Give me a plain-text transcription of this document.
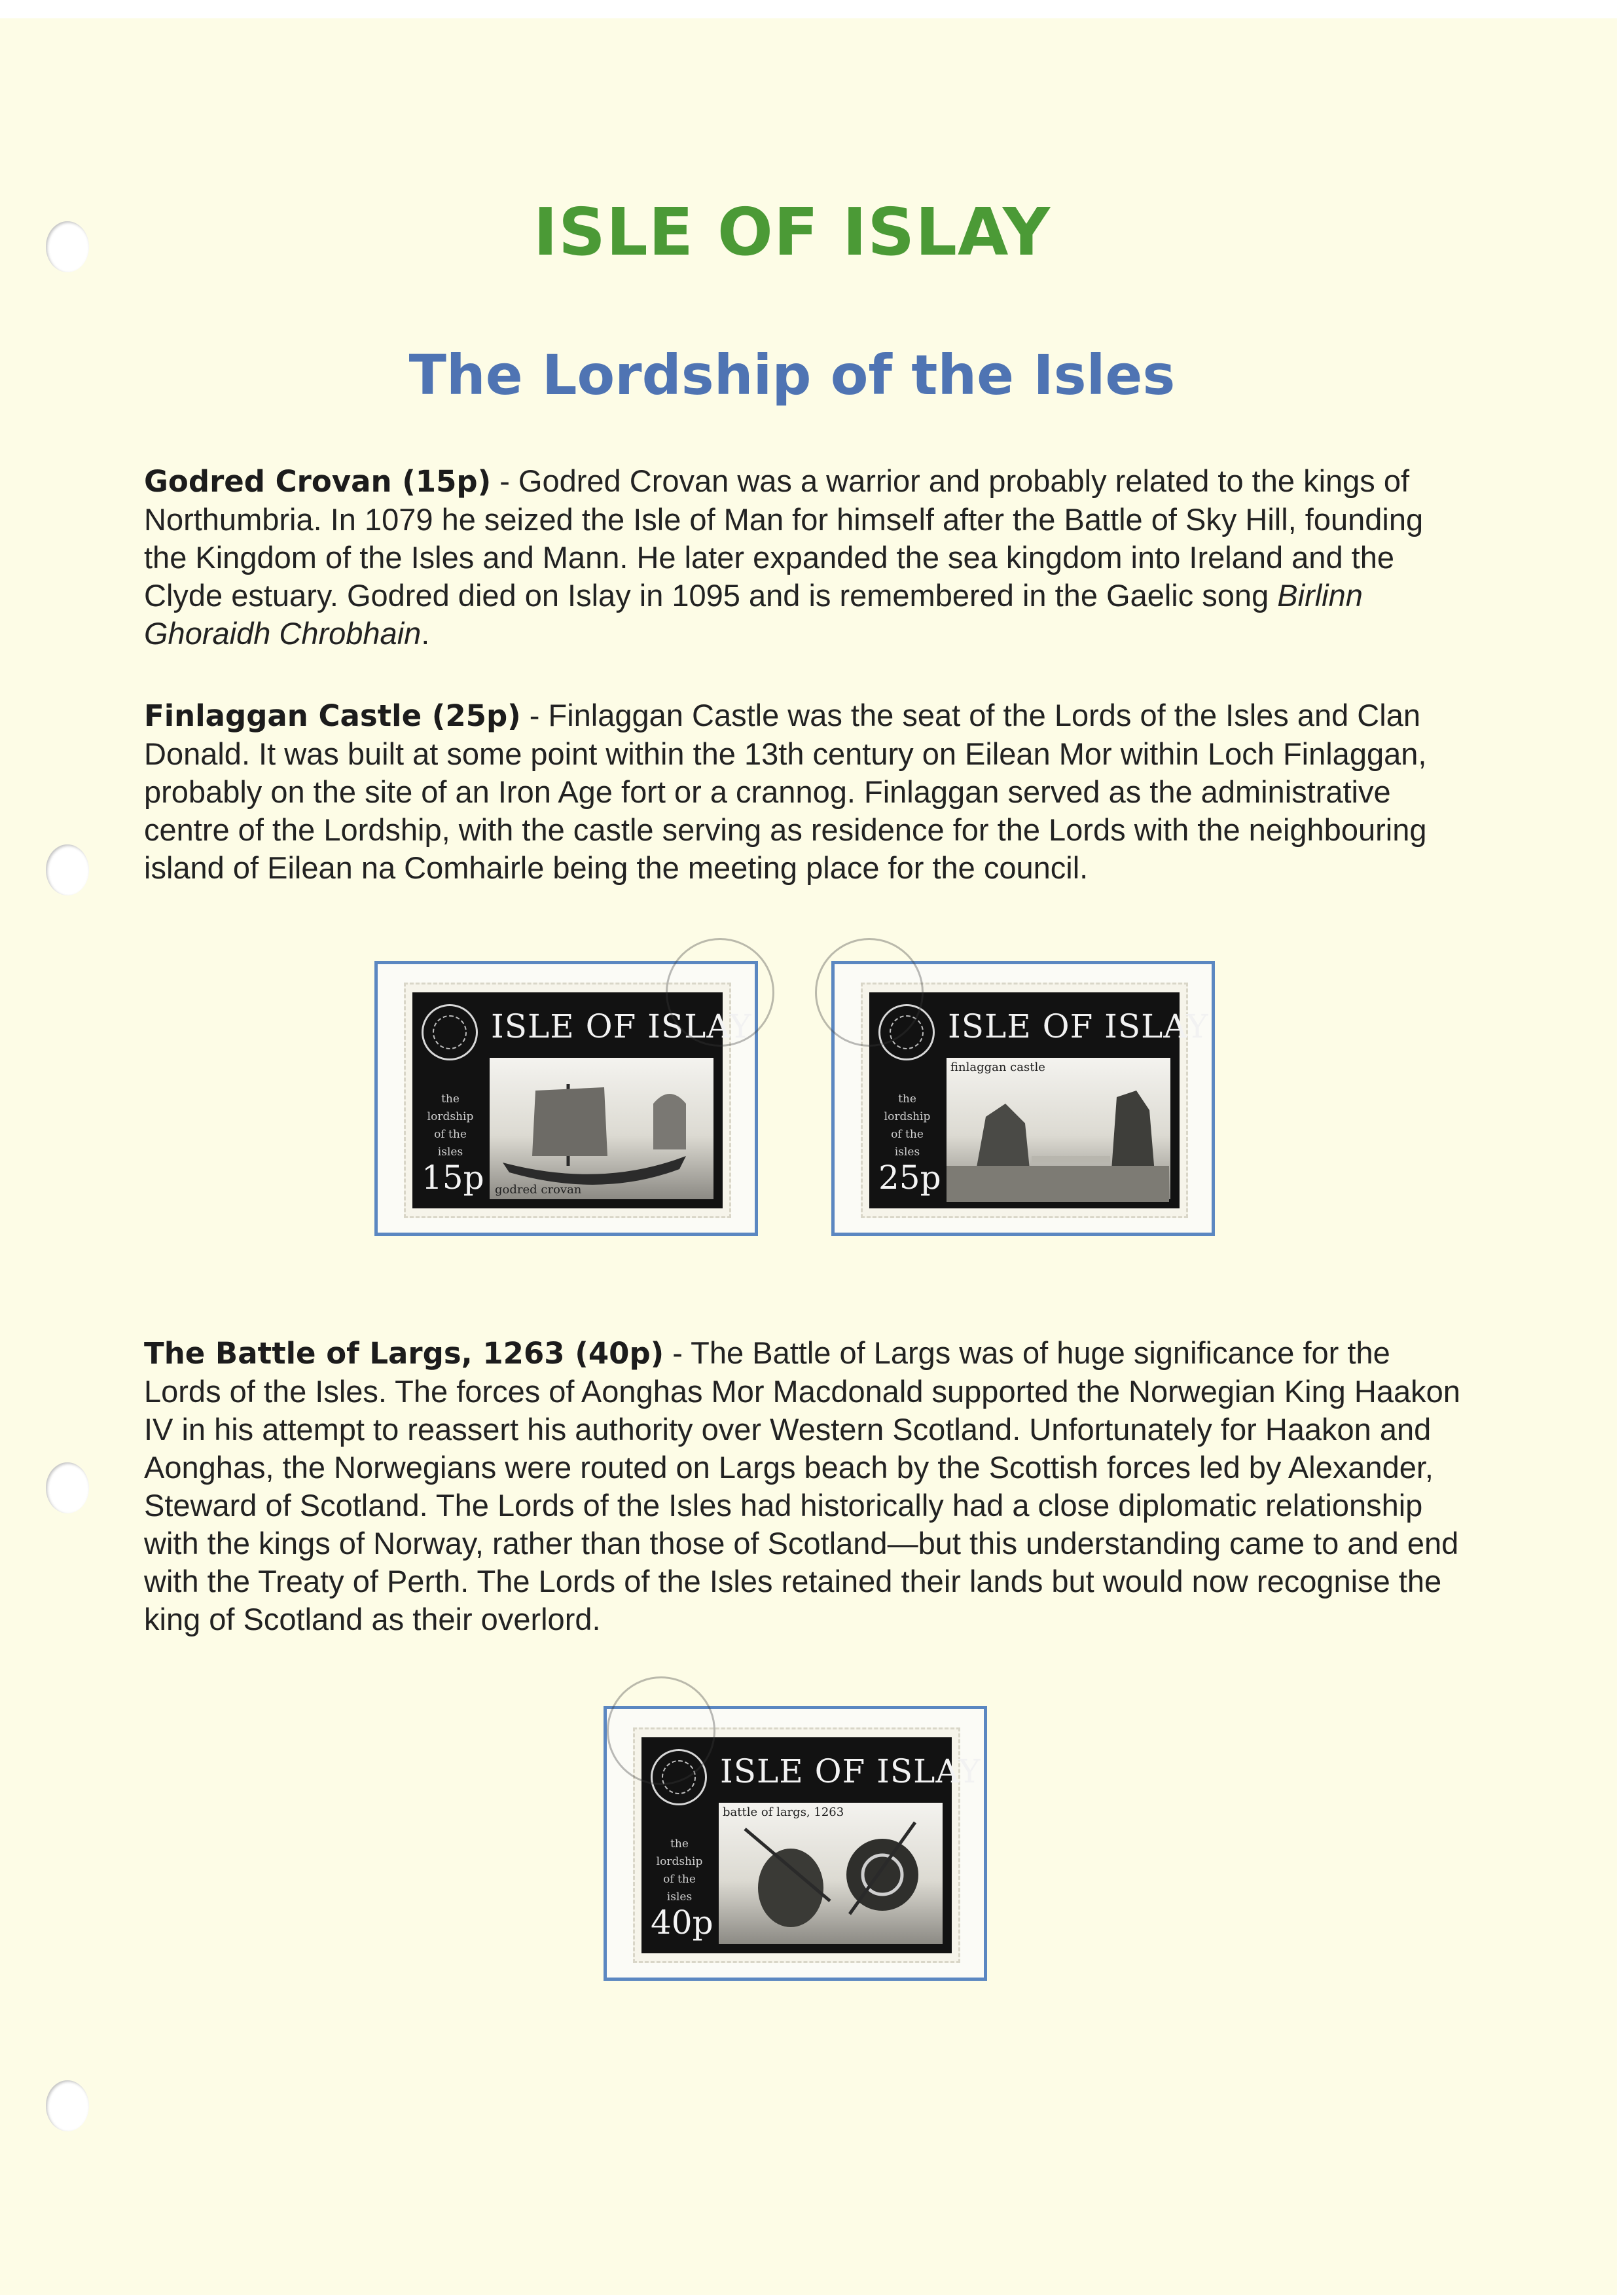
ISLE OF ISLAY
The Lordship of the Isles

Godred Crovan (15p) - Godred Crovan was a warrior and probably related to the kings of Northumbria. In 1079 he seized the Isle of Man for himself after the Battle of Sky Hill, founding the Kingdom of the Isles and Mann. He later expanded the sea kingdom into Ireland and the Clyde estuary. Godred died on Islay in 1095 and is remembered in the Gaelic song Birlinn Ghoraidh Chrobhain.

Finlaggan Castle (25p) - Finlaggan Castle was the seat of the Lords of the Isles and Clan Donald. It was built at some point within the 13th century on Eilean Mor within Loch Finlaggan, probably on the site of an Iron Age fort or a crannog. Finlaggan served as the administrative centre of the Lordship, with the castle serving as residence for the Lords with the neighbouring island of Eilean na Comhairle being the meeting place for the council.

ISLE OF ISLAY
the
lordship
of the
isles
15p godred crovan
ISLE OF ISLAY
the
lordship
of the
isles
25p
finlaggan castle

The Battle of Largs, 1263 (40p) - The Battle of Largs was of huge significance for the Lords of the Isles. The forces of Aonghas Mor Macdonald supported the Norwegian King Haakon IV in his attempt to reassert his authority over Western Scotland. Unfortunately for Haakon and Aonghas, the Norwegians were routed on Largs beach by the Scottish forces led by Alexander, Steward of Scotland. The Lords of the Isles had historically had a close diplomatic relationship with the kings of Norway, rather than those of Scotland—but this understanding came to and end with the Treaty of Perth. The Lords of the Isles retained their lands but would now recognise the king of Scotland as their overlord.

ISLE OF ISLAY
the
lordship
of the
isles
40p
battle of largs, 1263
